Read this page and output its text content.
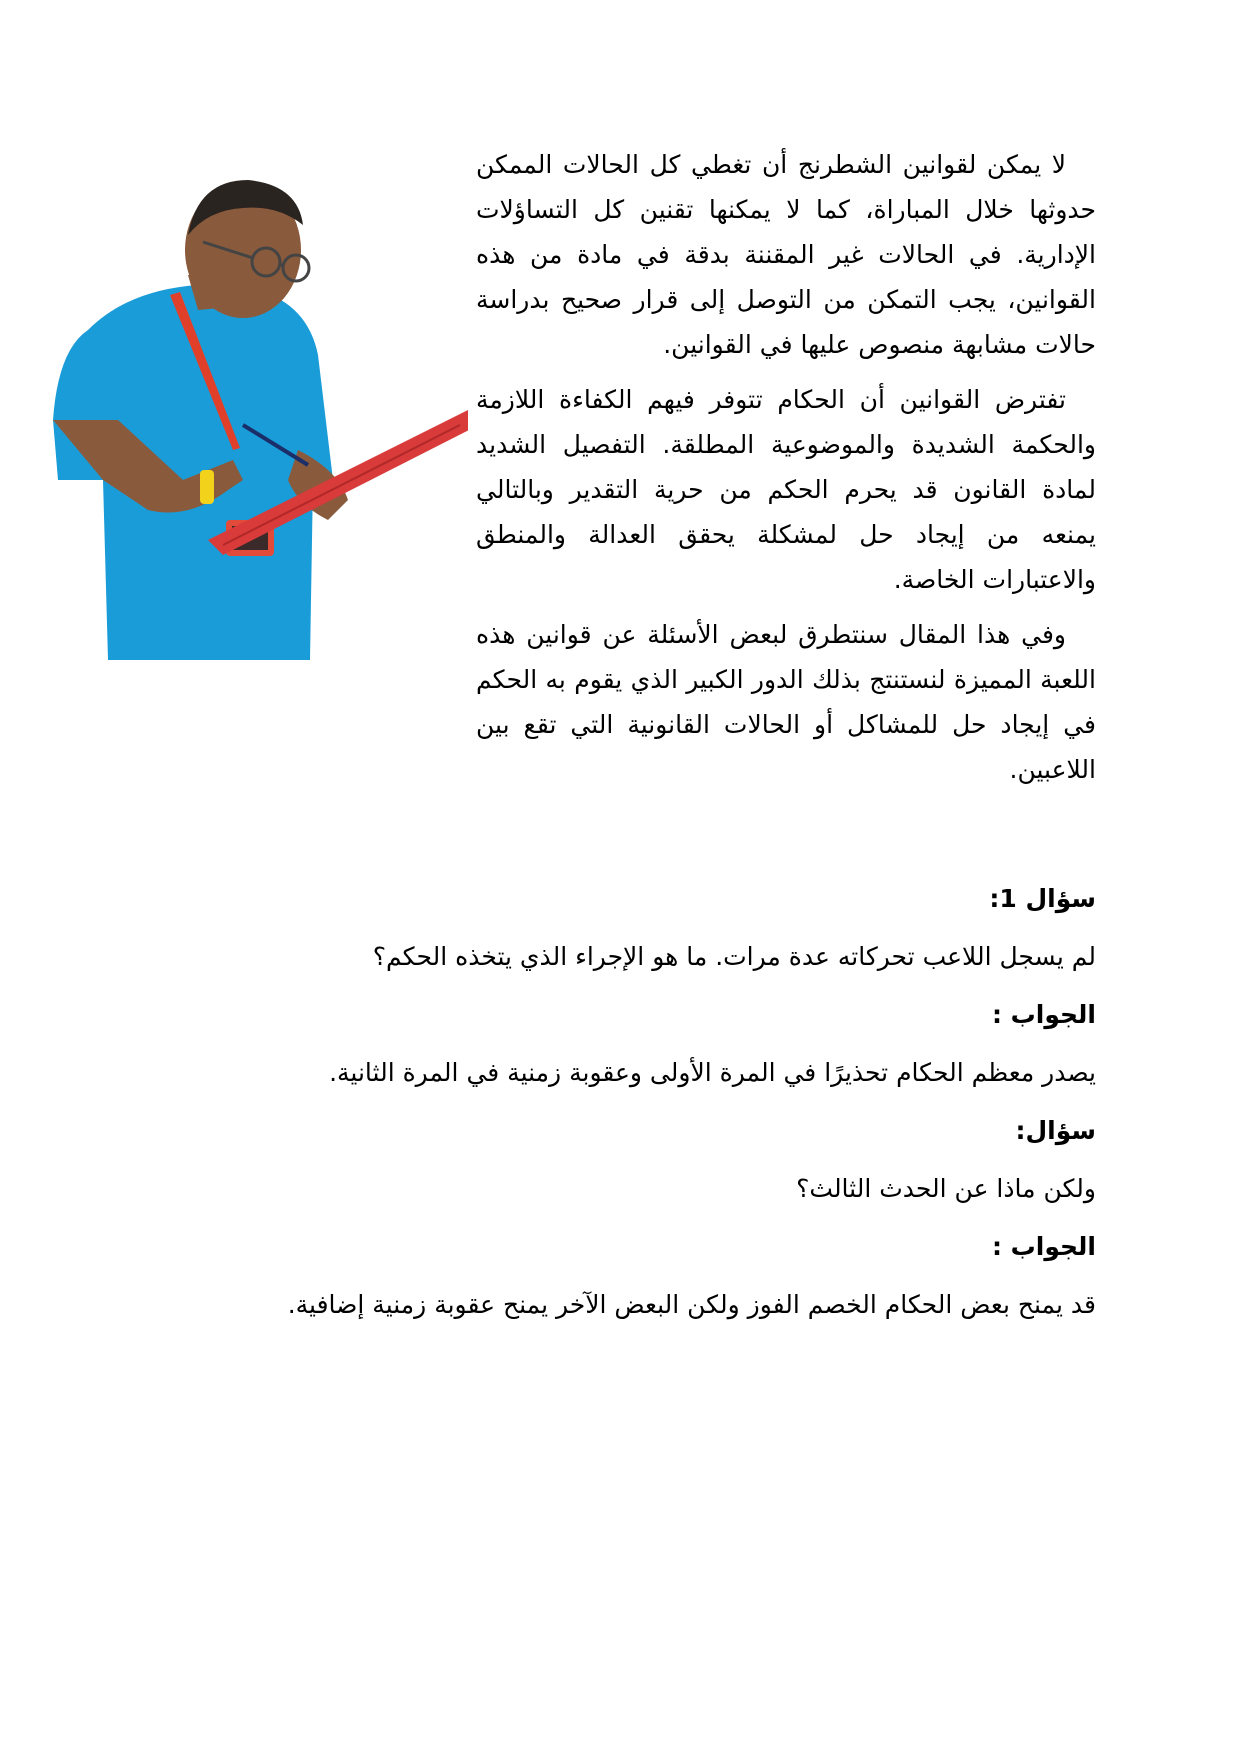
لا يمكن لقوانين الشطرنج أن تغطي كل الحالات الممكن حدوثها خلال المباراة، كما لا يمكنها تقنين كل التساؤلات الإدارية. في الحالات غير المقننة بدقة في مادة من هذه القوانين، يجب التمكن من التوصل إلى قرار صحيح بدراسة حالات مشابهة منصوص عليها في القوانين.

تفترض القوانين أن الحكام تتوفر فيهم الكفاءة اللازمة والحكمة الشديدة والموضوعية المطلقة. التفصيل الشديد لمادة القانون قد يحرم الحكم من حرية التقدير وبالتالي يمنعه من إيجاد حل لمشكلة يحقق العدالة والمنطق والاعتبارات الخاصة.

وفي هذا المقال سنتطرق لبعض الأسئلة عن قوانين هذه اللعبة المميزة لنستنتج بذلك الدور الكبير الذي يقوم به الحكم في إيجاد حل للمشاكل أو الحالات القانونية التي تقع بين اللاعبين.

سؤال 1:
لم يسجل اللاعب تحركاته عدة مرات. ما هو الإجراء الذي يتخذه الحكم؟
الجواب :
يصدر معظم الحكام تحذيرًا في المرة الأولى وعقوبة زمنية في المرة الثانية.
سؤال:
ولكن ماذا عن الحدث الثالث؟
الجواب :
قد يمنح بعض الحكام الخصم الفوز ولكن البعض الآخر يمنح عقوبة زمنية إضافية.
